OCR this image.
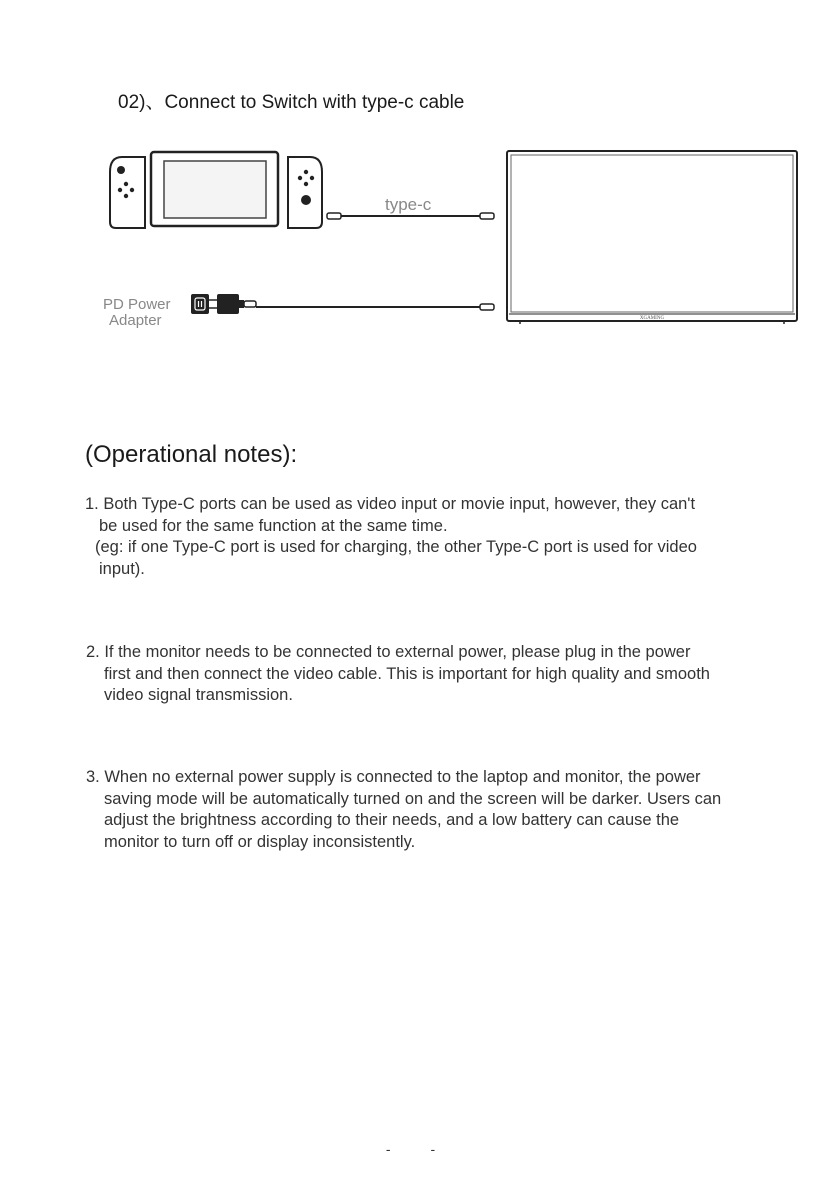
02)、Connect to Switch with type-c cable
type-c
PD Power
Adapter	XGAMING
(Operational notes):

1. Both Type-C ports can be used as video input or movie input, however, they can't

be used for the same function at the same time.

(eg: if one Type-C port is used for charging, the other Type-C port is used for video

input).

2. If the monitor needs to be connected to external power, please plug in the power

first and then connect the video cable. This is important for high quality and smooth

video signal transmission.

3. When no external power supply is connected to the laptop and monitor, the power

saving mode will be automatically turned on and the screen will be darker. Users can

adjust the brightness according to their needs, and a low battery can cause the

monitor to turn off or display inconsistently.

- -
